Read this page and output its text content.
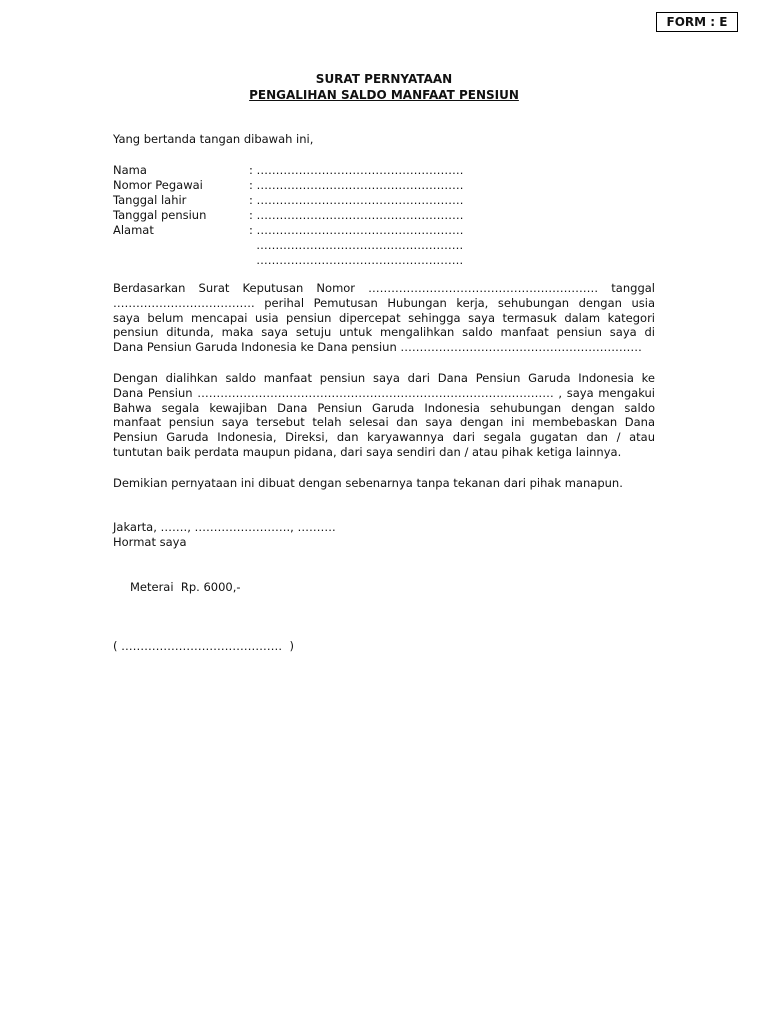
FORM : E
SURAT PERNYATAAN
PENGALIHAN SALDO MANFAAT PENSIUN
Yang bertanda tangan dibawah ini,
Nama	: ………………………………………………
Nomor Pegawai	: ………………………………………………
Tanggal lahir	: ………………………………………………
Tanggal pensiun	: ………………………………………………
Alamat	: ………………………………………………
………………………………………………
………………………………………………
Berdasarkan Surat Keputusan Nomor …………………………………………………… tanggal
………………………………. perihal Pemutusan Hubungan kerja, sehubungan dengan usia
saya belum mencapai usia pensiun dipercepat sehingga saya termasuk dalam kategori
pensiun ditunda, maka saya setuju untuk mengalihkan saldo manfaat pensiun saya di
Dana Pensiun Garuda Indonesia ke Dana pensiun ………………………………………………………
Dengan dialihkan saldo manfaat pensiun saya dari Dana Pensiun Garuda Indonesia ke
Dana Pensiun ………………………………………………………………………………… , saya mengakui
Bahwa segala kewajiban Dana Pensiun Garuda Indonesia sehubungan dengan saldo
manfaat pensiun saya tersebut telah selesai dan saya dengan ini membebaskan Dana
Pensiun Garuda Indonesia, Direksi, dan karyawannya dari segala gugatan dan / atau
tuntutan baik perdata maupun pidana, dari saya sendiri dan / atau pihak ketiga lainnya.
Demikian pernyataan ini dibuat dengan sebenarnya tanpa tekanan dari pihak manapun.
Jakarta, ……., ……………………., ……….
Hormat saya
Meterai  Rp. 6000,-
( ……………………………………  )
